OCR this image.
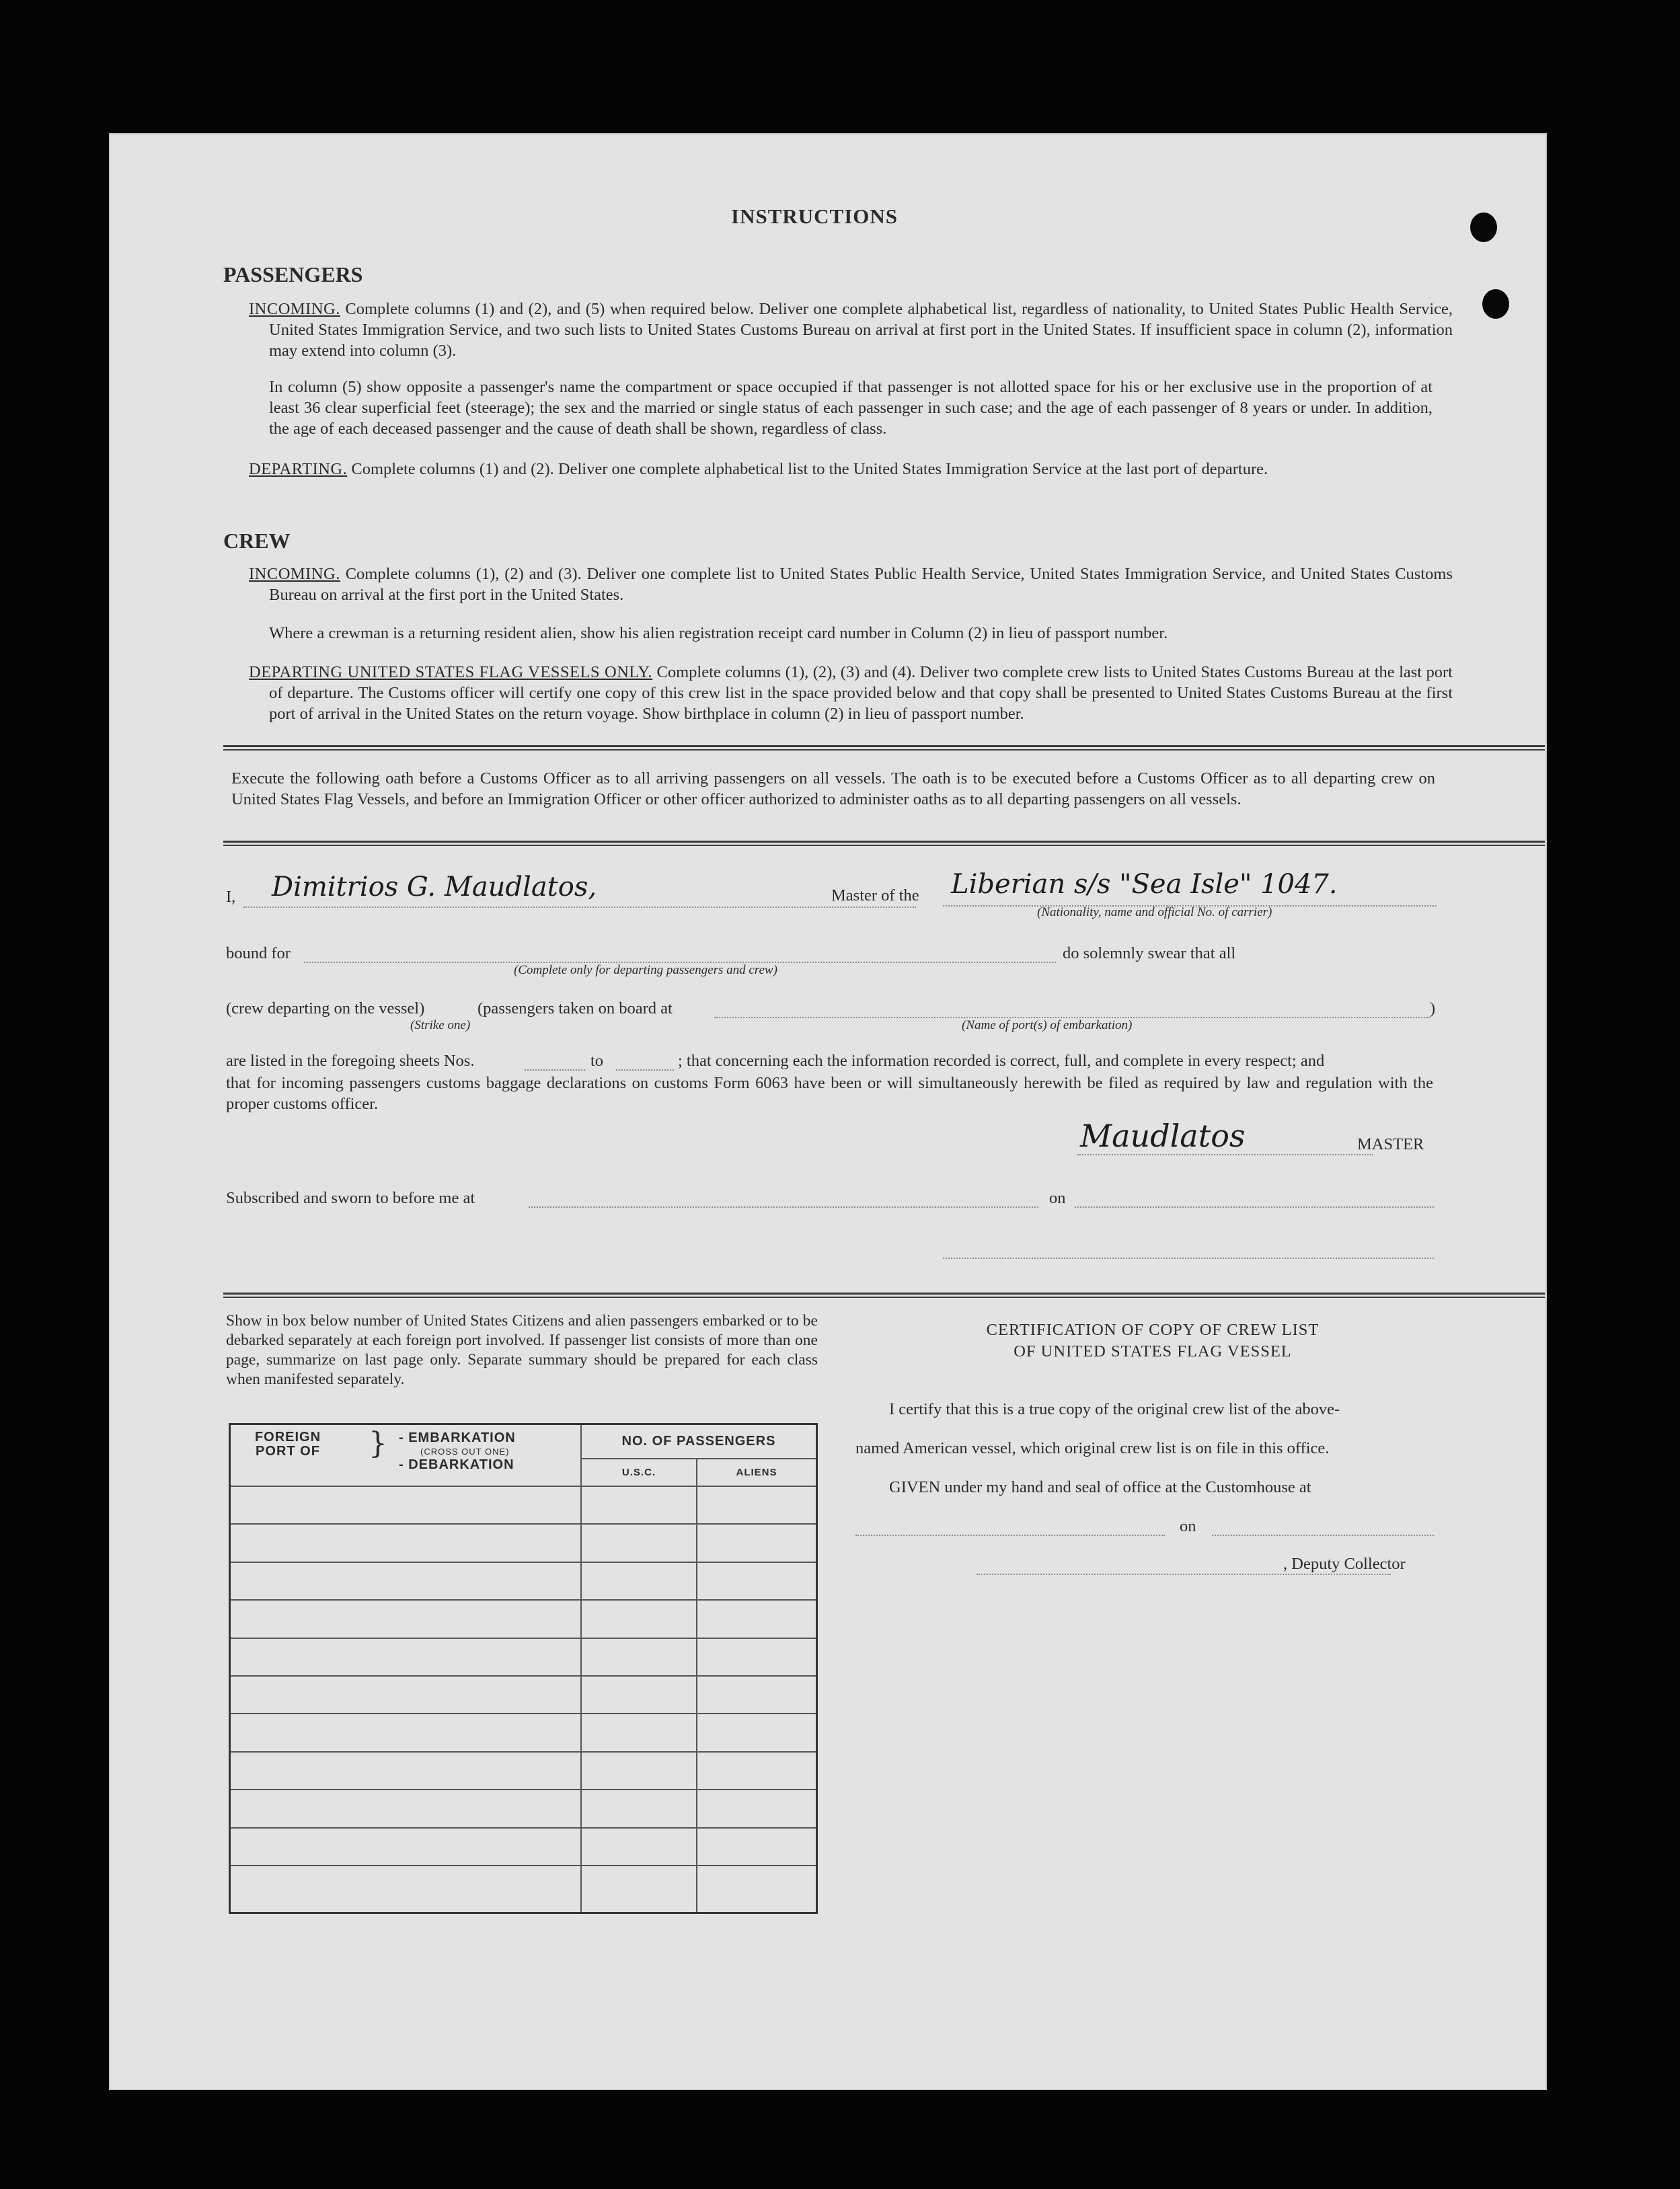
INSTRUCTIONS
PASSENGERS
INCOMING. Complete columns (1) and (2), and (5) when required below. Deliver one complete alphabetical list, regardless of nationality, to United States Public Health Service, United States Immigration Service, and two such lists to United States Customs Bureau on arrival at first port in the United States. If insufficient space in column (2), information may extend into column (3).
In column (5) show opposite a passenger's name the compartment or space occupied if that passenger is not allotted space for his or her exclusive use in the proportion of at least 36 clear superficial feet (steerage); the sex and the married or single status of each passenger in such case; and the age of each passenger of 8 years or under. In addition, the age of each deceased passenger and the cause of death shall be shown, regardless of class.
DEPARTING. Complete columns (1) and (2). Deliver one complete alphabetical list to the United States Immigration Service at the last port of departure.
CREW
INCOMING. Complete columns (1), (2) and (3). Deliver one complete list to United States Public Health Service, United States Immigration Service, and United States Customs Bureau on arrival at the first port in the United States.
Where a crewman is a returning resident alien, show his alien registration receipt card number in Column (2) in lieu of passport number.
DEPARTING UNITED STATES FLAG VESSELS ONLY. Complete columns (1), (2), (3) and (4). Deliver two complete crew lists to United States Customs Bureau at the last port of departure. The Customs officer will certify one copy of this crew list in the space provided below and that copy shall be presented to United States Customs Bureau at the first port of arrival in the United States on the return voyage. Show birthplace in column (2) in lieu of passport number.
Execute the following oath before a Customs Officer as to all arriving passengers on all vessels. The oath is to be executed before a Customs Officer as to all departing crew on United States Flag Vessels, and before an Immigration Officer or other officer authorized to administer oaths as to all departing passengers on all vessels.
I, Dimitrios G. Maudlatos,	Master of the Liberian s/s "Sea Isle" 1047.
(Nationality, name and official No. of carrier)
bound for	do solemnly swear that all
(Complete only for departing passengers and crew)
(crew departing on the vessel)	(passengers taken on board at	)
(Strike one)	(Name of port(s) of embarkation)
are listed in the foregoing sheets Nos.	to	; that concerning each the information recorded is correct, full, and complete in every respect; and
that for incoming passengers customs baggage declarations on customs Form 6063 have been or will simultaneously herewith be filed as required by law and regulation with the proper customs officer.
Maudlatos	MASTER
Subscribed and sworn to before me at	on
Show in box below number of United States Citizens and alien passengers embarked or to be debarked separately at each foreign port involved. If passenger list consists of more than one page, summarize on last page only. Separate summary should be prepared for each class when manifested separately.
FOREIGN PORT OF } - EMBARKATION
(CROSS OUT ONE)
- DEBARKATION	NO. OF PASSENGERS	
	U.S.C.	ALIENS

CERTIFICATION OF COPY OF CREW LIST
OF UNITED STATES FLAG VESSEL
I certify that this is a true copy of the original crew list of the above-
named American vessel, which original crew list is on file in this office.
GIVEN under my hand and seal of office at the Customhouse at
on
, Deputy Collector
